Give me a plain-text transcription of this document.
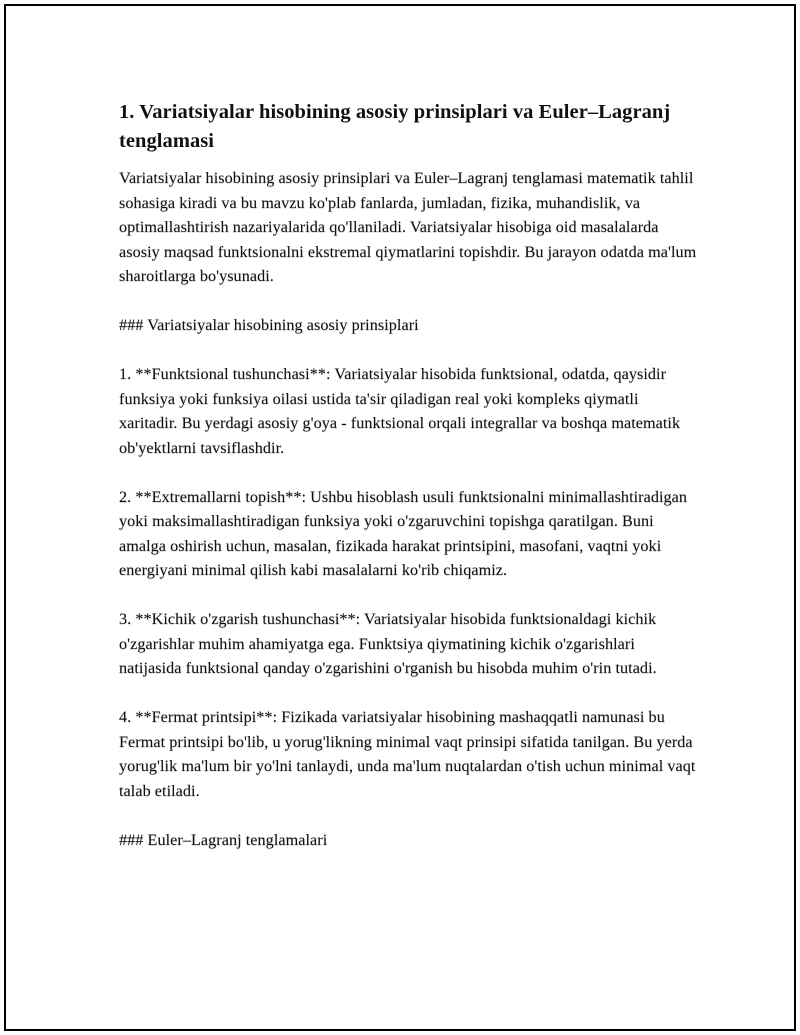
1. Variatsiyalar hisobining asosiy prinsiplari va Euler–Lagranj tenglamasi

Variatsiyalar hisobining asosiy prinsiplari va Euler–Lagranj tenglamasi matematik tahlil sohasiga kiradi va bu mavzu ko'plab fanlarda, jumladan, fizika, muhandislik, va optimallashtirish nazariyalarida qo'llaniladi. Variatsiyalar hisobiga oid masalalarda asosiy maqsad funktsionalni ekstremal qiymatlarini topishdir. Bu jarayon odatda ma'lum sharoitlarga bo'ysunadi.

### Variatsiyalar hisobining asosiy prinsiplari

1. **Funktsional tushunchasi**: Variatsiyalar hisobida funktsional, odatda, qaysidir funksiya yoki funksiya oilasi ustida ta'sir qiladigan real yoki kompleks qiymatli xaritadir. Bu yerdagi asosiy g'oya - funktsional orqali integrallar va boshqa matematik ob'yektlarni tavsiflashdir.

2. **Extremallarni topish**: Ushbu hisoblash usuli funktsionalni minimallashtiradigan yoki maksimallashtiradigan funksiya yoki o'zgaruvchini topishga qaratilgan. Buni amalga oshirish uchun, masalan, fizikada harakat printsipini, masofani, vaqtni yoki energiyani minimal qilish kabi masalalarni ko'rib chiqamiz.

3. **Kichik o'zgarish tushunchasi**: Variatsiyalar hisobida funktsionaldagi kichik o'zgarishlar muhim ahamiyatga ega. Funktsiya qiymatining kichik o'zgarishlari natijasida funktsional qanday o'zgarishini o'rganish bu hisobda muhim o'rin tutadi.

4. **Fermat printsipi**: Fizikada variatsiyalar hisobining mashaqqatli namunasi bu Fermat printsipi bo'lib, u yorug'likning minimal vaqt prinsipi sifatida tanilgan. Bu yerda yorug'lik ma'lum bir yo'lni tanlaydi, unda ma'lum nuqtalardan o'tish uchun minimal vaqt talab etiladi.

### Euler–Lagranj tenglamalari
